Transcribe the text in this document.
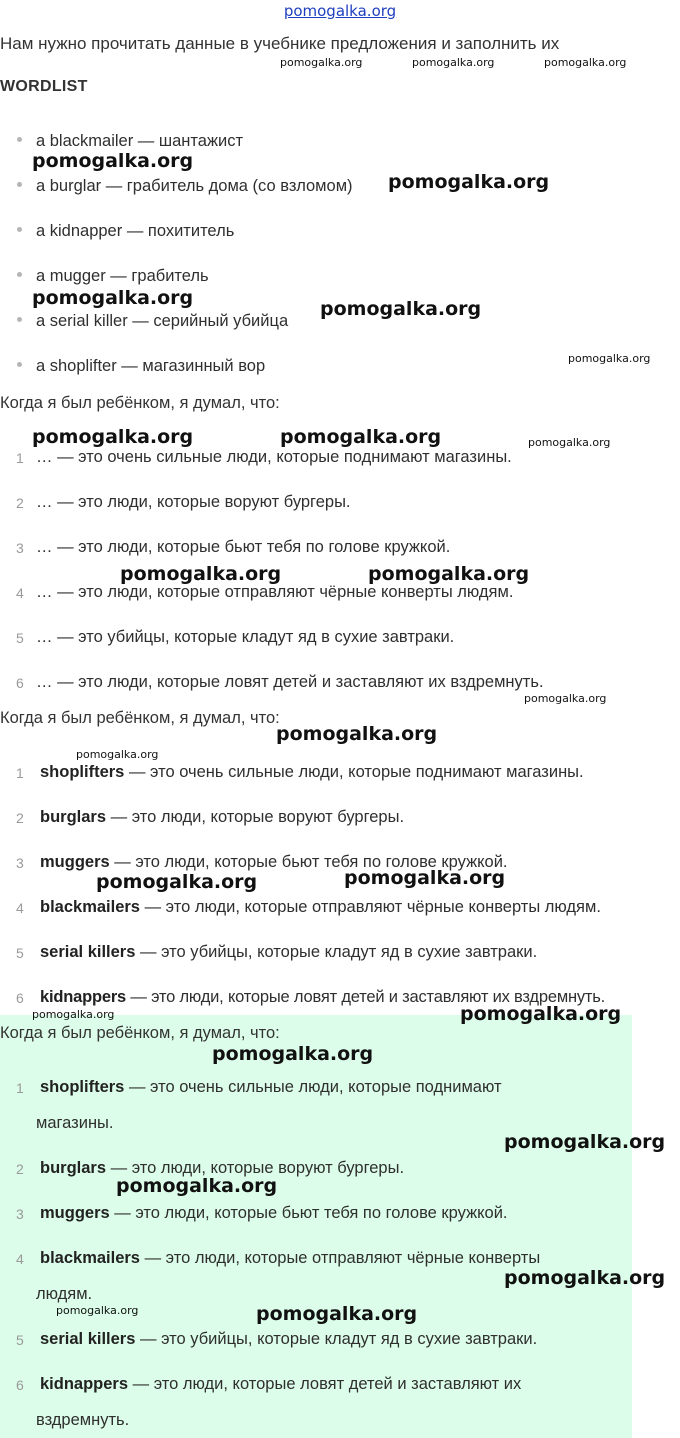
pomogalka.org
Нам нужно прочитать данные в учебнике предложения и заполнить их
WORDLIST
a blackmailer — шантажист
a burglar — грабитель дома (со взломом)
a kidnapper — похититель
a mugger — грабитель
a serial killer — серийный убийца
a shoplifter — магазинный вор
Когда я был ребёнком, я думал, что:
1 … — это очень сильные люди, которые поднимают магазины.
2 … — это люди, которые воруют бургеры.
3 … — это люди, которые бьют тебя по голове кружкой.
4 … — это люди, которые отправляют чёрные конверты людям.
5 … — это убийцы, которые кладут яд в сухие завтраки.
6 … — это люди, которые ловят детей и заставляют их вздремнуть.
Когда я был ребёнком, я думал, что:
1 shoplifters — это очень сильные люди, которые поднимают магазины.
2 burglars — это люди, которые воруют бургеры.
3 muggers — это люди, которые бьют тебя по голове кружкой.
4 blackmailers — это люди, которые отправляют чёрные конверты людям.
5 serial killers — это убийцы, которые кладут яд в сухие завтраки.
6 kidnappers — это люди, которые ловят детей и заставляют их вздремнуть.
Когда я был ребёнком, я думал, что:
1 shoplifters — это очень сильные люди, которые поднимают
магазины.
2 burglars — это люди, которые воруют бургеры.
3 muggers — это люди, которые бьют тебя по голове кружкой.
4 blackmailers — это люди, которые отправляют чёрные конверты
людям.
5 serial killers — это убийцы, которые кладут яд в сухие завтраки.
6 kidnappers — это люди, которые ловят детей и заставляют их
вздремнуть.
pomogalka.org	pomogalka.org	pomogalka.org
pomogalka.org
pomogalka.org
pomogalka.org	pomogalka.org
pomogalka.org
pomogalka.org	pomogalka.org	pomogalka.org
pomogalka.org	pomogalka.org
pomogalka.org
pomogalka.org
pomogalka.org
pomogalka.org	pomogalka.org
pomogalka.org	pomogalka.org
pomogalka.org
pomogalka.org
pomogalka.org
pomogalka.org
pomogalka.org	pomogalka.org
